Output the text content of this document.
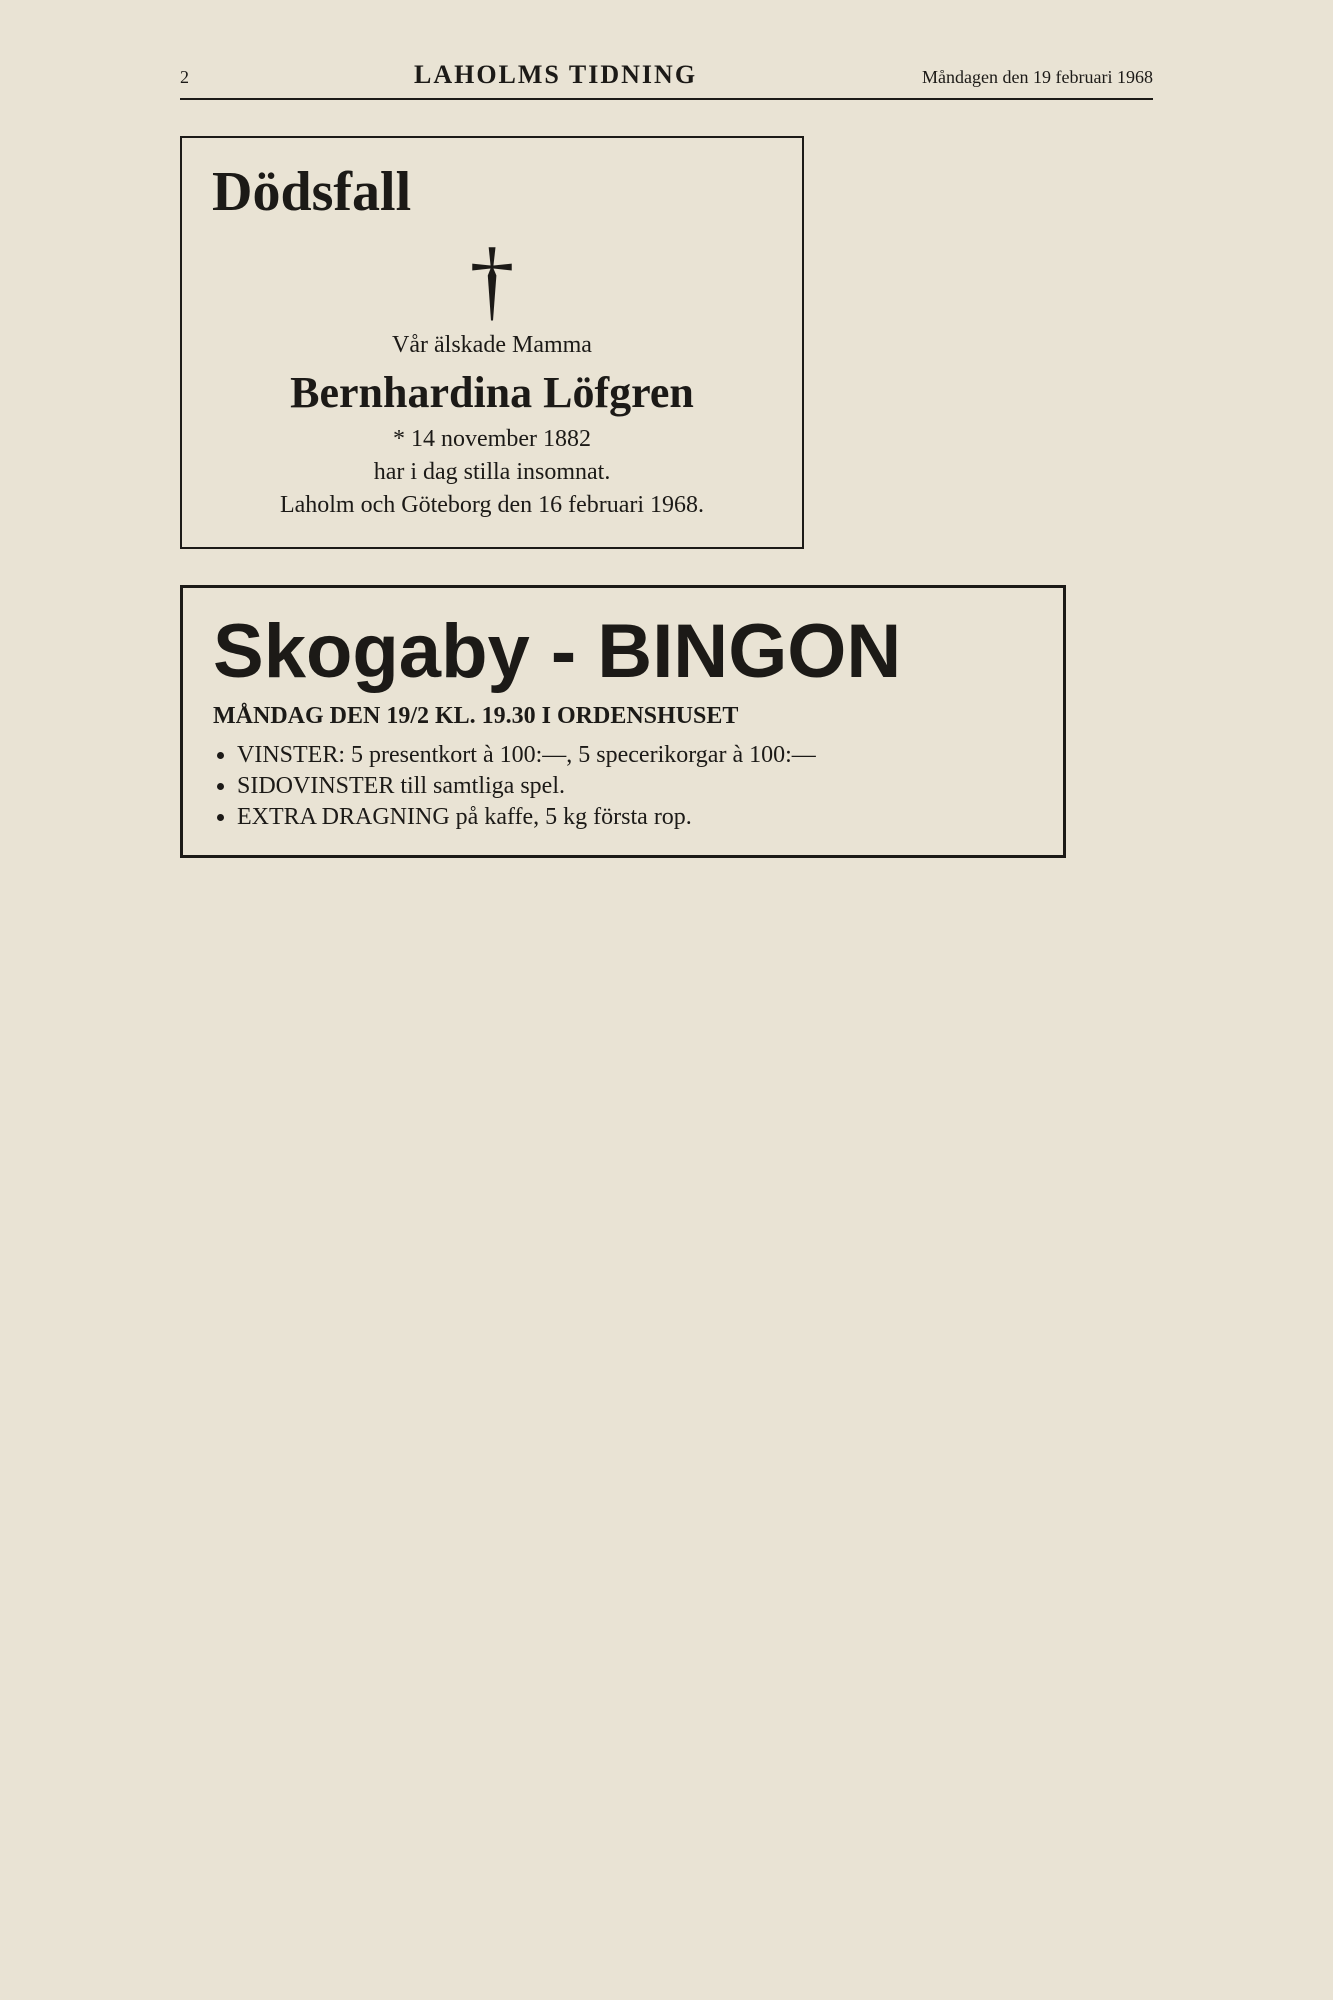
2	LAHOLMS TIDNING	Måndagen den 19 februari 1968
Dödsfall
†

Vår älskade Mamma

Bernhardina Löfgren

* 14 november 1882

har i dag stilla insomnat.

Laholm och Göteborg den 16 februari 1968.

Skogaby - BINGON
MÅNDAG DEN 19/2 KL. 19.30 I ORDENSHUSET
• VINSTER: 5 presentkort à 100:—, 5 specerikorgar à 100:—
• SIDOVINSTER till samtliga spel.
• EXTRA DRAGNING på kaffe, 5 kg första rop.
